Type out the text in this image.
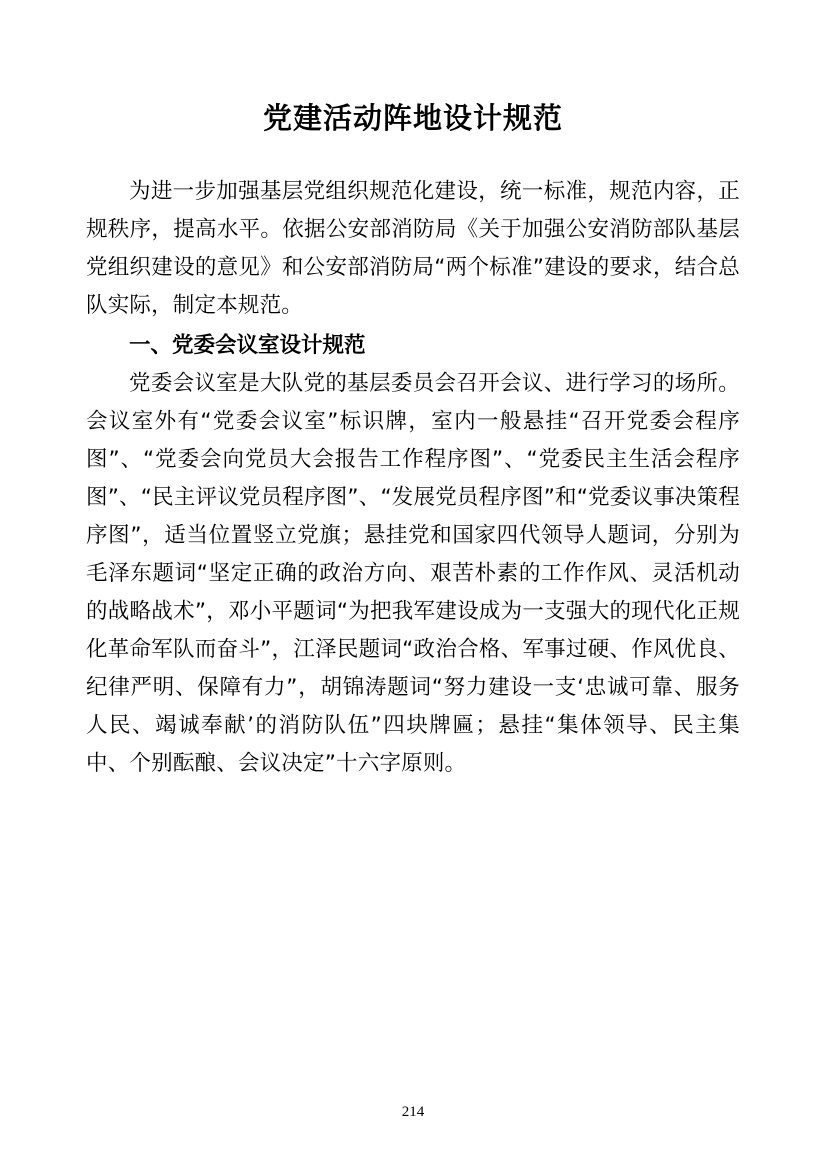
党建活动阵地设计规范

为进一步加强基层党组织规范化建设，统一标准，规范内容，正规秩序，提高水平。依据公安部消防局《关于加强公安消防部队基层党组织建设的意见》和公安部消防局“两个标准”建设的要求，结合总队实际，制定本规范。

一、党委会议室设计规范

党委会议室是大队党的基层委员会召开会议、进行学习的场所。会议室外有“党委会议室”标识牌，室内一般悬挂“召开党委会程序图”、“党委会向党员大会报告工作程序图”、“党委民主生活会程序图”、“民主评议党员程序图”、“发展党员程序图”和“党委议事决策程序图”，适当位置竖立党旗；悬挂党和国家四代领导人题词，分别为毛泽东题词“坚定正确的政治方向、艰苦朴素的工作作风、灵活机动的战略战术”，邓小平题词“为把我军建设成为一支强大的现代化正规化革命军队而奋斗”，江泽民题词“政治合格、军事过硬、作风优良、纪律严明、保障有力”，胡锦涛题词“努力建设一支‘忠诚可靠、服务人民、竭诚奉献’的消防队伍”四块牌匾；悬挂“集体领导、民主集中、个别酝酿、会议决定”十六字原则。

214
